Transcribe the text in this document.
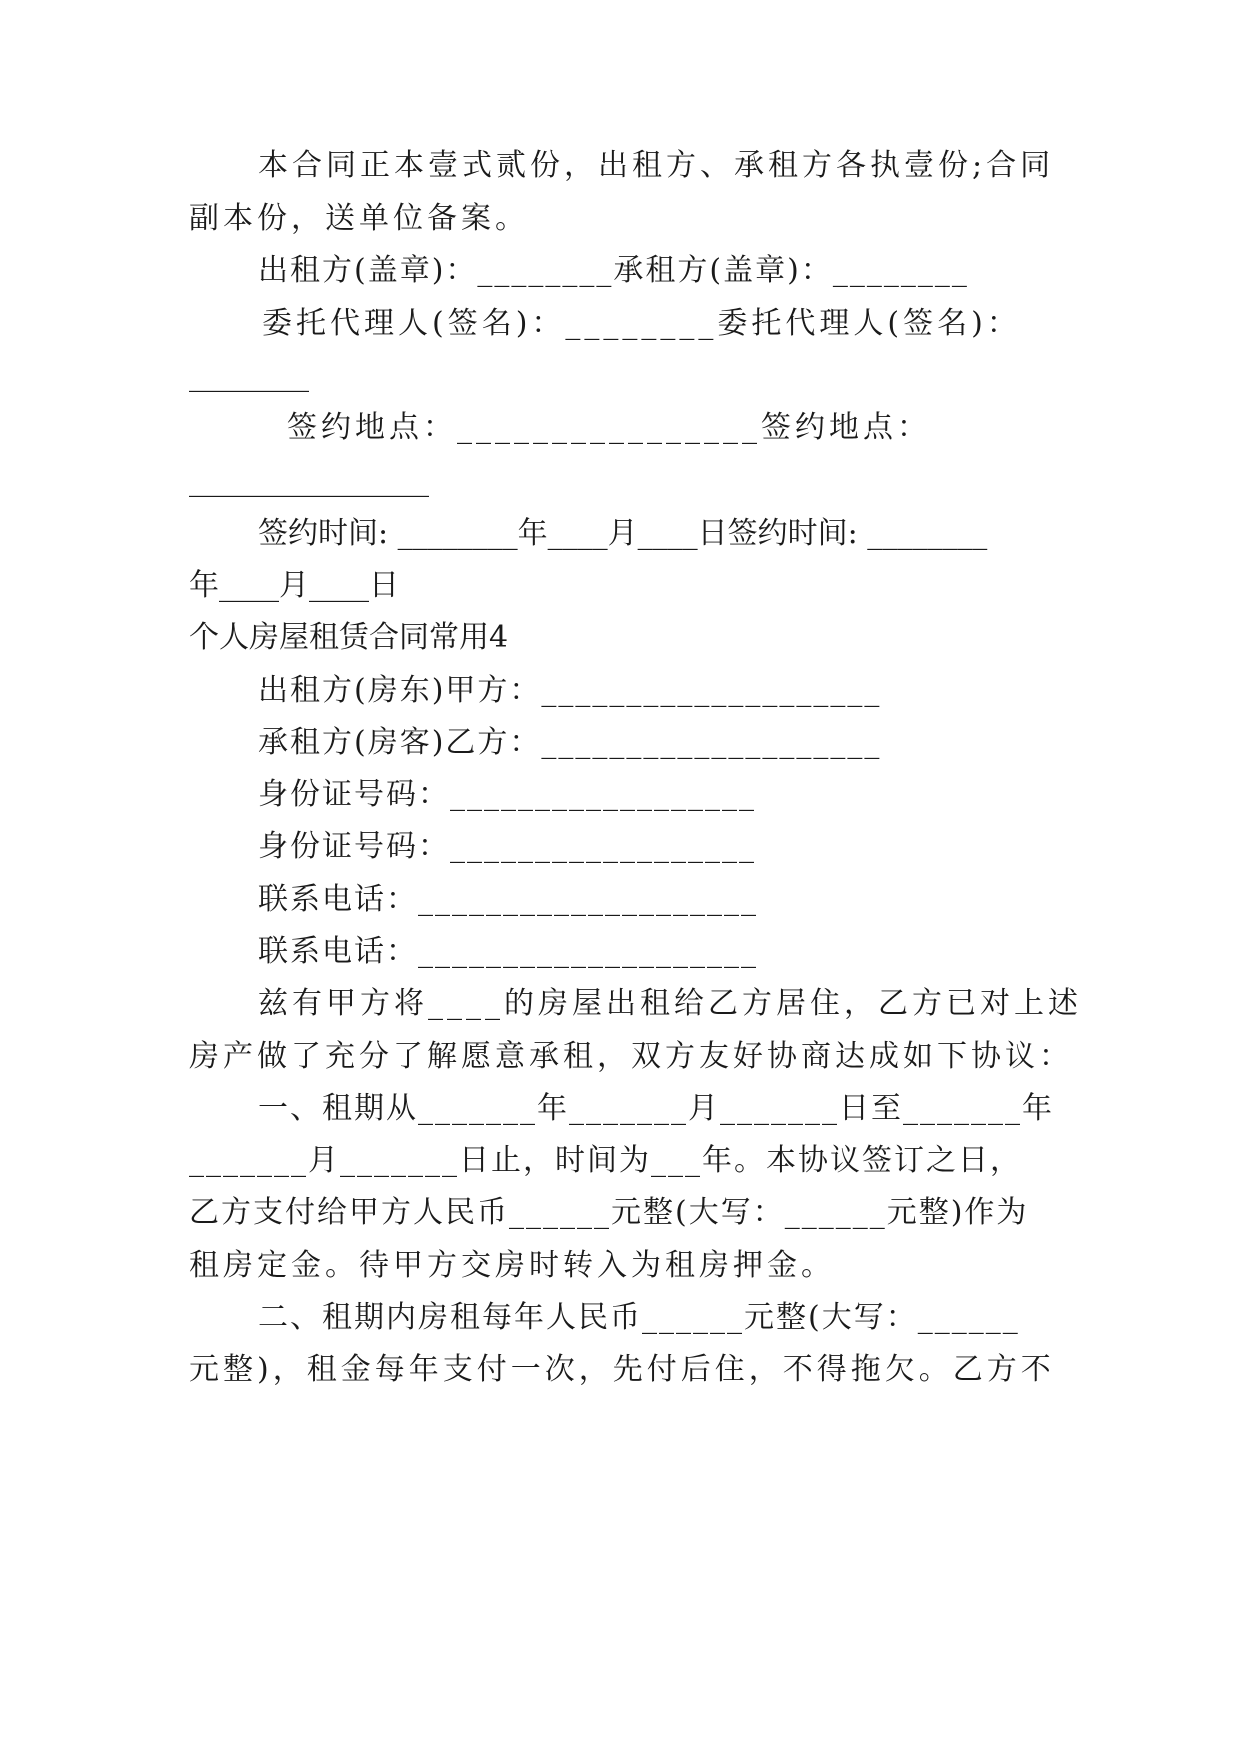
本合同正本壹式贰份，出租方、承租方各执壹份;合同

副本份，送单位备案。

出租方(盖章)：________承租方(盖章)：________

委托代理人(签名)：________委托代理人(签名)：

________

签约地点：________________签约地点：

________________

签约时间: ________年____月____日签约时间: ________

年____月____日

个人房屋租赁合同常用4

出租方(房东)甲方：____________________

承租方(房客)乙方：____________________

身份证号码：__________________

身份证号码：__________________

联系电话：____________________

联系电话：____________________

兹有甲方将____的房屋出租给乙方居住，乙方已对上述

房产做了充分了解愿意承租，双方友好协商达成如下协议：

一、租期从_______年_______月_______日至_______年

_______月_______日止，时间为___年。本协议签订之日，

乙方支付给甲方人民币______元整(大写：______元整)作为

租房定金。待甲方交房时转入为租房押金。

二、租期内房租每年人民币______元整(大写：______

元整)，租金每年支付一次，先付后住，不得拖欠。乙方不
